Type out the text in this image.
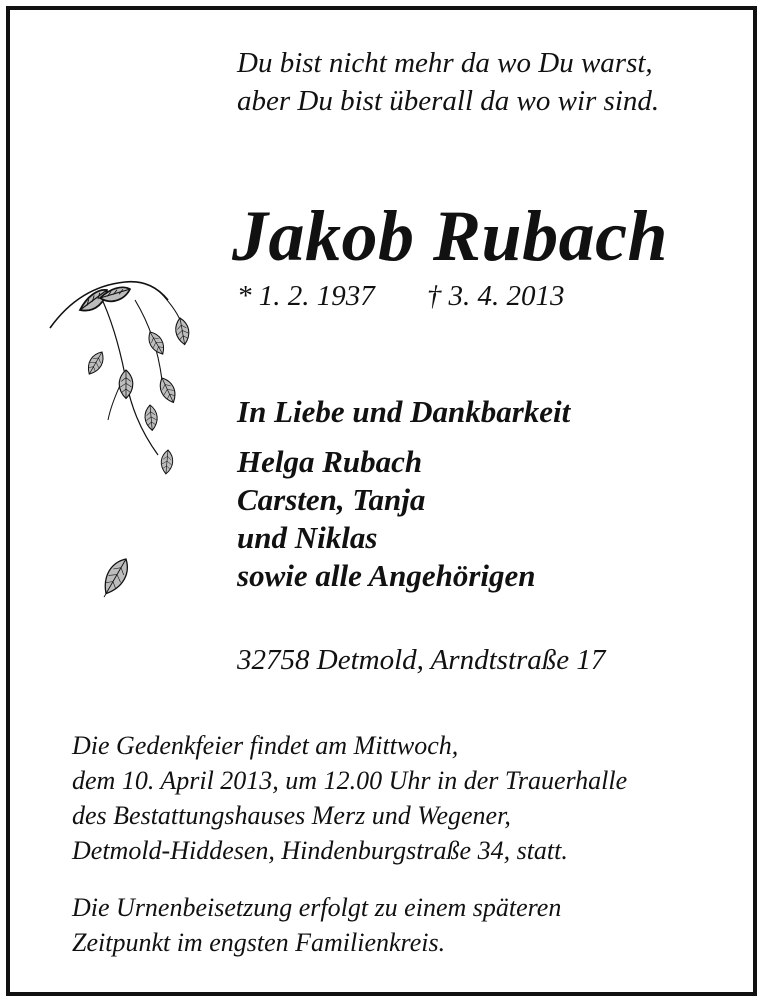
Du bist nicht mehr da wo Du warst,
aber Du bist überall da wo wir sind.
Jakob Rubach
* 1. 2. 1937 † 3. 4. 2013
In Liebe und Dankbarkeit
Helga Rubach
Carsten, Tanja
und Niklas
sowie alle Angehörigen
32758 Detmold, Arndtstraße 17
Die Gedenkfeier findet am Mittwoch,
dem 10. April 2013, um 12.00 Uhr in der Trauerhalle
des Bestattungshauses Merz und Wegener,
Detmold-Hiddesen, Hindenburgstraße 34, statt.
Die Urnenbeisetzung erfolgt zu einem späteren
Zeitpunkt im engsten Familienkreis.
